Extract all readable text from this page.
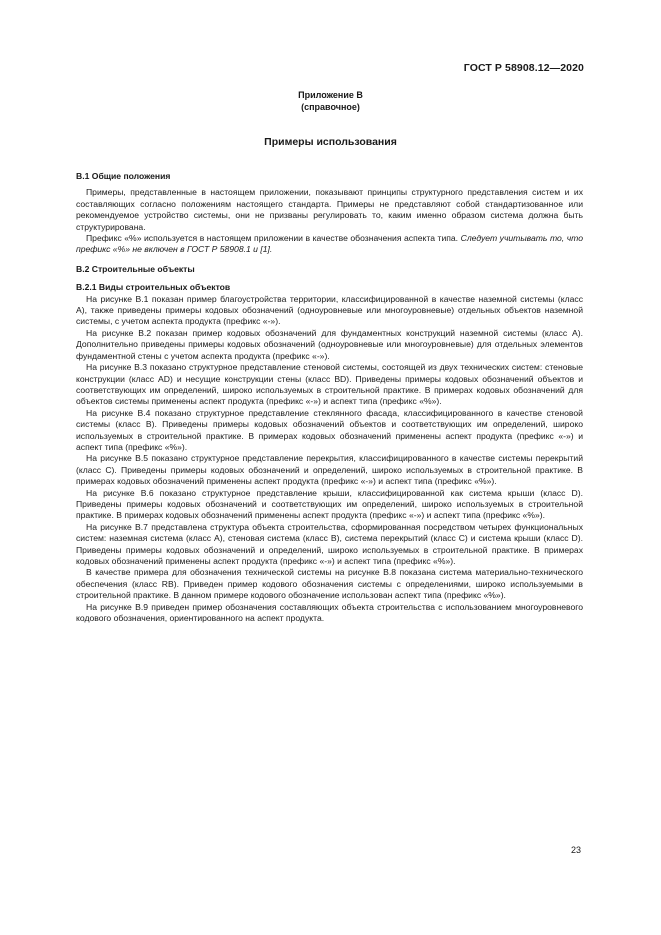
ГОСТ Р 58908.12—2020
Приложение В
(справочное)
Примеры использования

В.1 Общие положения

Примеры, представленные в настоящем приложении, показывают принципы структурного представления систем и их составляющих согласно положениям настоящего стандарта. Примеры не представляют собой стандартизованное или рекомендуемое устройство системы, они не призваны регулировать то, каким именно образом система должна быть структурирована.

Префикс «%» используется в настоящем приложении в качестве обозначения аспекта типа. Следует учитывать то, что префикс «%» не включен в ГОСТ Р 58908.1 и [1].

В.2 Строительные объекты

В.2.1 Виды строительных объектов

На рисунке В.1 показан пример благоустройства территории, классифицированной в качестве наземной системы (класс А), также приведены примеры кодовых обозначений (одноуровневые или многоуровневые) отдельных объектов наземной системы, с учетом аспекта продукта (префикс «-»).

На рисунке В.2 показан пример кодовых обозначений для фундаментных конструкций наземной системы (класс А). Дополнительно приведены примеры кодовых обозначений (одноуровневые или многоуровневые) для отдельных элементов фундаментной стены с учетом аспекта продукта (префикс «-»).

На рисунке В.3 показано структурное представление стеновой системы, состоящей из двух технических систем: стеновые конструкции (класс AD) и несущие конструкции стены (класс BD). Приведены примеры кодовых обозначений объектов и соответствующих им определений, широко используемых в строительной практике. В примерах кодовых обозначений для объектов системы применены аспект продукта (префикс «-») и аспект типа (префикс «%»).

На рисунке В.4 показано структурное представление стеклянного фасада, классифицированного в качестве стеновой системы (класс В). Приведены примеры кодовых обозначений объектов и соответствующих им определений, широко используемых в строительной практике. В примерах кодовых обозначений применены аспект продукта (префикс «-») и аспект типа (префикс «%»).

На рисунке В.5 показано структурное представление перекрытия, классифицированного в качестве системы перекрытий (класс С). Приведены примеры кодовых обозначений и определений, широко используемых в строительной практике. В примерах кодовых обозначений применены аспект продукта (префикс «-») и аспект типа (префикс «%»).

На рисунке В.6 показано структурное представление крыши, классифицированной как система крыши (класс D). Приведены примеры кодовых обозначений и соответствующих им определений, широко используемых в строительной практике. В примерах кодовых обозначений применены аспект продукта (префикс «-») и аспект типа (префикс «%»).

На рисунке В.7 представлена структура объекта строительства, сформированная посредством четырех функциональных систем: наземная система (класс А), стеновая система (класс В), система перекрытий (класс С) и система крыши (класс D). Приведены примеры кодовых обозначений и определений, широко используемых в строительной практике. В примерах кодовых обозначений применены аспект продукта (префикс «-») и аспект типа (префикс «%»).

В качестве примера для обозначения технической системы на рисунке В.8 показана система материально-технического обеспечения (класс RB). Приведен пример кодового обозначения системы с определениями, широко используемыми в строительной практике. В данном примере кодового обозначение использован аспект типа (префикс «%»).

На рисунке В.9 приведен пример обозначения составляющих объекта строительства с использованием многоуровневого кодового обозначения, ориентированного на аспект продукта.

23
